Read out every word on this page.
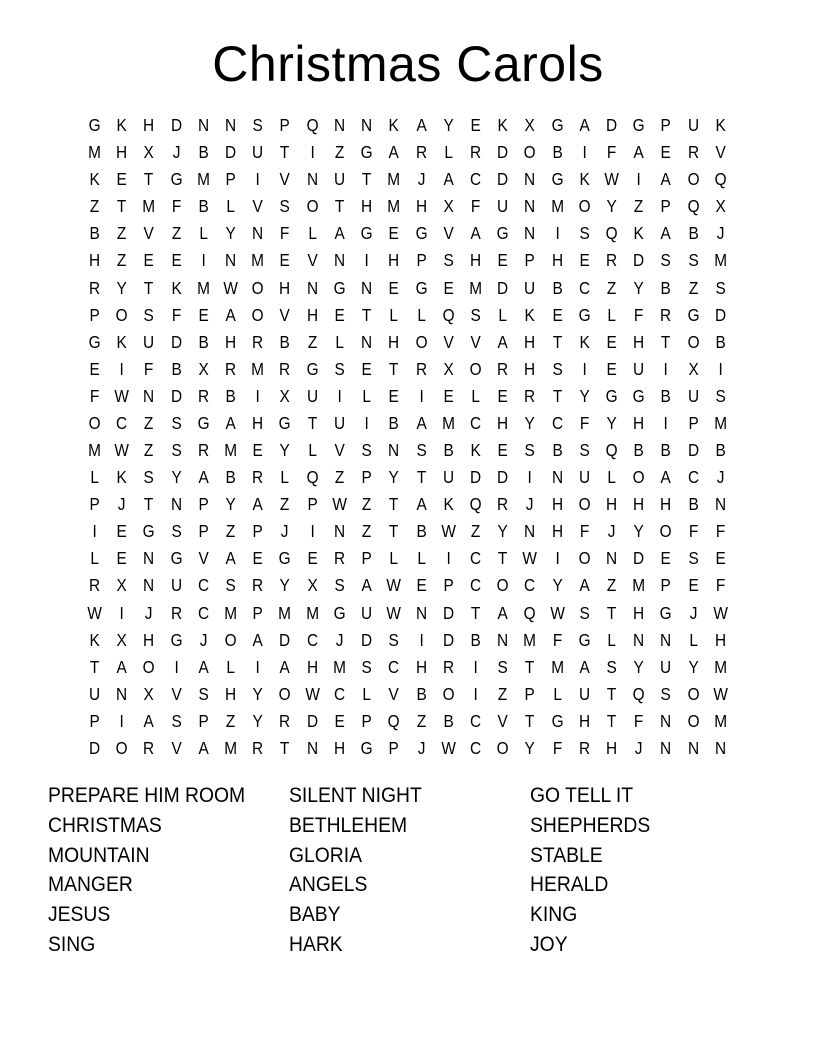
Christmas Carols
G K H D N N S P Q N N K A Y E K X G A D G P U K
M H X	J	B D U T	I	Z G A R L R D O B	I	F A E R V
K E T G M P	I	V N U T M J	A C D N G K W	I	A O Q
Z	T M F B	L	V S O T H M H X F U N M O Y Z P Q X
B Z V Z	L	Y N F	L	A G E G V A G N	I	S Q K A B	J
H Z E E	I	N M E V N	I	H P S H E P H E R D S S M
R Y T K M W O H N G N E G E M D U B C Z Y B Z S
P O S F E A O V H E T	L	L Q S	L	K E G L	F R G D
G K U D B H R B Z	L N H O V V A H T K E H T O B
E	I	F B X R M R G S E T R X O R H S	I	E U	I	X	I
F W N D R B	I	X U	I	L	E	I	E	L	E R T Y G G B U S
O C Z S G A H G T U	I	B A M C H Y C F Y H	I	P M
M W Z S R M E Y	L	V S N S B K E S B S Q B B D B
L	K S Y A B R L Q Z P Y T U D D	I	N U L O A C	J
P	J	T N P Y A Z P W Z	T A K Q R	J	H O H H H B N
I	E G S P Z P	J	I	N Z	T B W Z Y N H F	J	Y O F	F
L	E N G V A E G E R P	L	L	I	C T W	I	O N D E S E
R X N U C S R Y X S A W E P C O C Y A Z M P E F
W	I	J	R C M P M M G U W N D T A Q W S T H G J W
K X H G J O A D C	J	D S	I	D B N M F G L N N L H
T A O	I	A	L	I	A H M S C H R	I	S T M A S Y U Y M
U N X V S H Y O W C L	V B O	I	Z P	L U T Q S O W
P	I	A S P Z Y R D E P Q Z B C V T G H T	F N O M
D O R V A M R T N H G P	J W C O Y F R H	J	N N N
PREPARE HIM ROOM
CHRISTMAS
MOUNTAIN
MANGER
JESUS
SING
SILENT NIGHT
BETHLEHEM
GLORIA
ANGELS
BABY
HARK
GO TELL IT
SHEPHERDS
STABLE
HERALD
KING
JOY
